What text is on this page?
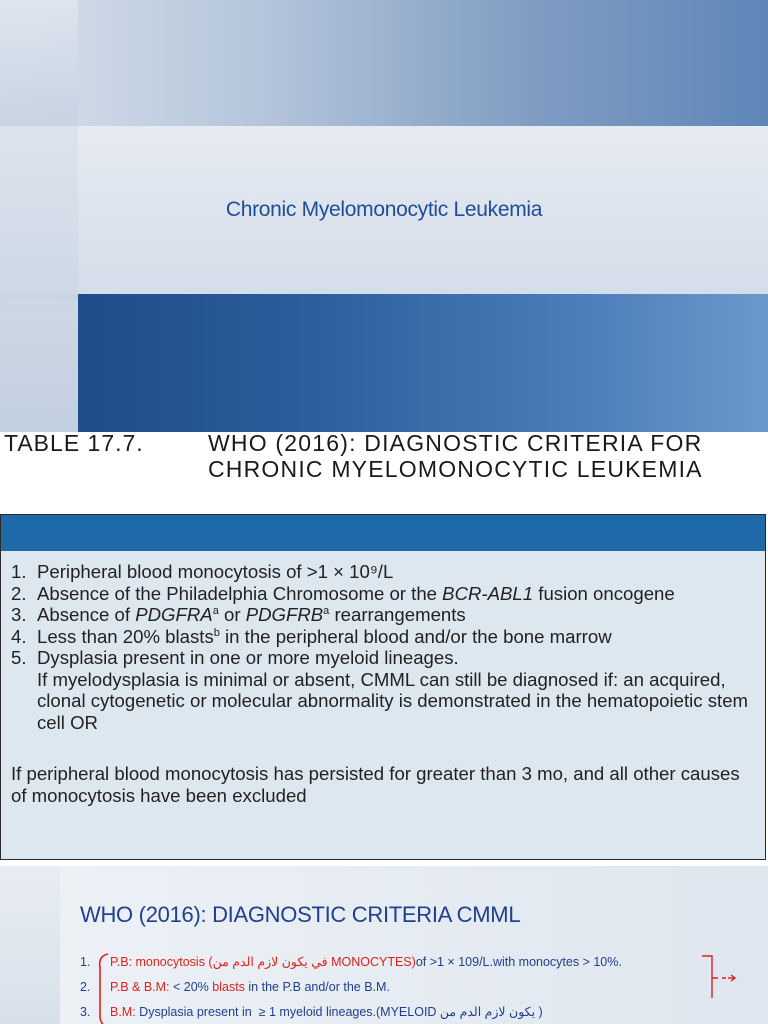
Chronic Myelomonocytic Leukemia
TABLE 17.7.	WHO (2016): DIAGNOSTIC CRITERIA FOR CHRONIC MYELOMONOCYTIC LEUKEMIA
1. Peripheral blood monocytosis of >1 × 10⁹/L
2. Absence of the Philadelphia Chromosome or the BCR-ABL1 fusion oncogene
3. Absence of PDGFRA$^a$ or PDGFRB$^a$ rearrangements
4. Less than 20% blasts$^b$ in the peripheral blood and/or the bone marrow
5. Dysplasia present in one or more myeloid lineages.
If myelodysplasia is minimal or absent, CMML can still be diagnosed if: an acquired, clonal cytogenetic or molecular abnormality is demonstrated in the hematopoietic stem cell OR
If peripheral blood monocytosis has persisted for greater than 3 mo, and all other causes of monocytosis have been excluded
WHO (2016): DIAGNOSTIC CRITERIA CMML
1.	P.B: monocytosis (في يكون لازم الدم من MONOCYTES) of >1 × 109/L.with monocytes > 10%.
2.	P.B & B.M: < 20% blasts in the P.B and/or the B.M.
3.	B.M: Dysplasia present in  ≥ 1 myeloid lineages.(MYELOID يكون لازم الدم من )
